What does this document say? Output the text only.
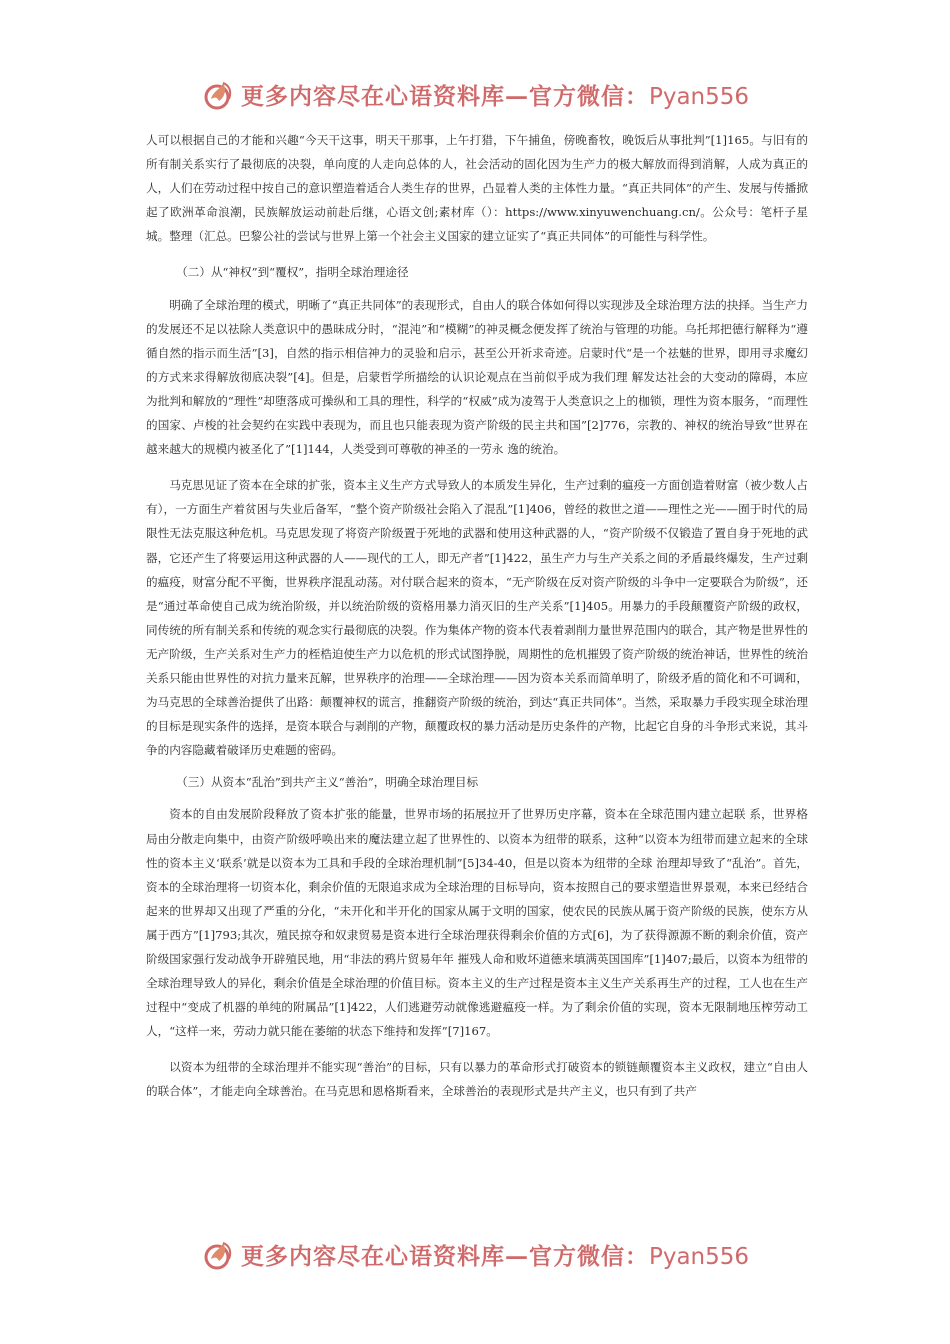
更多内容尽在心语资料库—官方微信：Pyan556

人可以根据自己的才能和兴趣“今天干这事，明天干那事，上午打猎，下午捕鱼，傍晚畜牧，晚饭后从事批判”[1]165。与旧有的所有制关系实行了最彻底的决裂，单向度的人走向总体的人，社会活动的固化因为生产力的极大解放而得到消解，人成为真正的人，人们在劳动过程中按自己的意识塑造着适合人类生存的世界，凸显着人类的主体性力量。“真正共同体”的产生、发展与传播掀起了欧洲革命浪潮，民族解放运动前赴后继，心语文创;素材库（）：https://www.xinyuwenchuang.cn/。公众号：笔杆子星城。整理（汇总。巴黎公社的尝试与世界上第一个社会主义国家的建立证实了“真正共同体”的可能性与科学性。

（二）从“神权”到“覆权”，指明全球治理途径

明确了全球治理的模式，明晰了“真正共同体”的表现形式，自由人的联合体如何得以实现涉及全球治理方法的抉择。当生产力的发展还不足以祛除人类意识中的愚昧成分时，“混沌”和“模糊”的神灵概念便发挥了统治与管理的功能。乌托邦把德行解释为“遵循自然的指示而生活”[3]，自然的指示相信神力的灵验和启示，甚至公开祈求奇迹。启蒙时代“是一个祛魅的世界，即用寻求魔幻的方式来求得解放彻底决裂”[4]。但是，启蒙哲学所描绘的认识论观点在当前似乎成为我们理 解发达社会的大变动的障碍，本应为批判和解放的“理性”却堕落成可操纵和工具的理性，科学的“权威”成为凌驾于人类意识之上的枷锁，理性为资本服务，“而理性的国家、卢梭的社会契约在实践中表现为，而且也只能表现为资产阶级的民主共和国”[2]776，宗教的、神权的统治导致“世界在越来越大的规模内被圣化了”[1]144，人类受到可尊敬的神圣的一劳永 逸的统治。

马克思见证了资本在全球的扩张，资本主义生产方式导致人的本质发生异化，生产过剩的瘟疫一方面创造着财富（被少数人占有），一方面生产着贫困与失业后备军，“整个资产阶级社会陷入了混乱”[1]406，曾经的救世之道——理性之光——囿于时代的局限性无法克服这种危机。马克思发现了将资产阶级置于死地的武器和使用这种武器的人，“资产阶级不仅锻造了置自身于死地的武器，它还产生了将要运用这种武器的人——现代的工人，即无产者”[1]422，虽生产力与生产关系之间的矛盾最终爆发，生产过剩的瘟疫，财富分配不平衡，世界秩序混乱动荡。对付联合起来的资本，“无产阶级在反对资产阶级的斗争中一定要联合为阶级”，还是“通过革命使自己成为统治阶级，并以统治阶级的资格用暴力消灭旧的生产关系”[1]405。用暴力的手段颠覆资产阶级的政权，同传统的所有制关系和传统的观念实行最彻底的决裂。作为集体产物的资本代表着剥削力量世界范围内的联合，其产物是世界性的无产阶级，生产关系对生产力的桎梏迫使生产力以危机的形式试图挣脱，周期性的危机摧毁了资产阶级的统治神话，世界性的统治关系只能由世界性的对抗力量来瓦解，世界秩序的治理——全球治理——因为资本关系而简单明了，阶级矛盾的简化和不可调和，为马克思的全球善治提供了出路：颠覆神权的谎言，推翻资产阶级的统治，到达“真正共同体”。当然，采取暴力手段实现全球治理的目标是现实条件的选择，是资本联合与剥削的产物，颠覆政权的暴力活动是历史条件的产物，比起它自身的斗争形式来说，其斗争的内容隐藏着破译历史难题的密码。

（三）从资本“乱治”到共产主义“善治”，明确全球治理目标

资本的自由发展阶段释放了资本扩张的能量，世界市场的拓展拉开了世界历史序幕，资本在全球范围内建立起联 系，世界格局由分散走向集中，由资产阶级呼唤出来的魔法建立起了世界性的、以资本为纽带的联系，这种“以资本为纽带而建立起来的全球性的资本主义‘联系’就是以资本为工具和手段的全球治理机制”[5]34-40，但是以资本为纽带的全球 治理却导致了“乱治”。首先，资本的全球治理将一切资本化，剩余价值的无限追求成为全球治理的目标导向，资本按照自己的要求塑造世界景观，本来已经结合起来的世界却又出现了严重的分化，“未开化和半开化的国家从属于文明的国家，使农民的民族从属于资产阶级的民族，使东方从属于西方”[1]793;其次，殖民掠夺和奴隶贸易是资本进行全球治理获得剩余价值的方式[6]，为了获得源源不断的剩余价值，资产阶级国家强行发动战争开辟殖民地，用“非法的鸦片贸易年年 摧残人命和败坏道德来填满英国国库”[1]407;最后，以资本为纽带的全球治理导致人的异化，剩余价值是全球治理的价值目标。资本主义的生产过程是资本主义生产关系再生产的过程，工人也在生产过程中“变成了机器的单纯的附属品”[1]422，人们逃避劳动就像逃避瘟疫一样。为了剩余价值的实现，资本无限制地压榨劳动工人，“这样一来，劳动力就只能在萎缩的状态下维持和发挥”[7]167。

以资本为纽带的全球治理并不能实现“善治”的目标，只有以暴力的革命形式打破资本的锁链颠覆资本主义政权，建立“自由人的联合体”，才能走向全球善治。在马克思和恩格斯看来，全球善治的表现形式是共产主义，也只有到了共产

更多内容尽在心语资料库—官方微信：Pyan556
